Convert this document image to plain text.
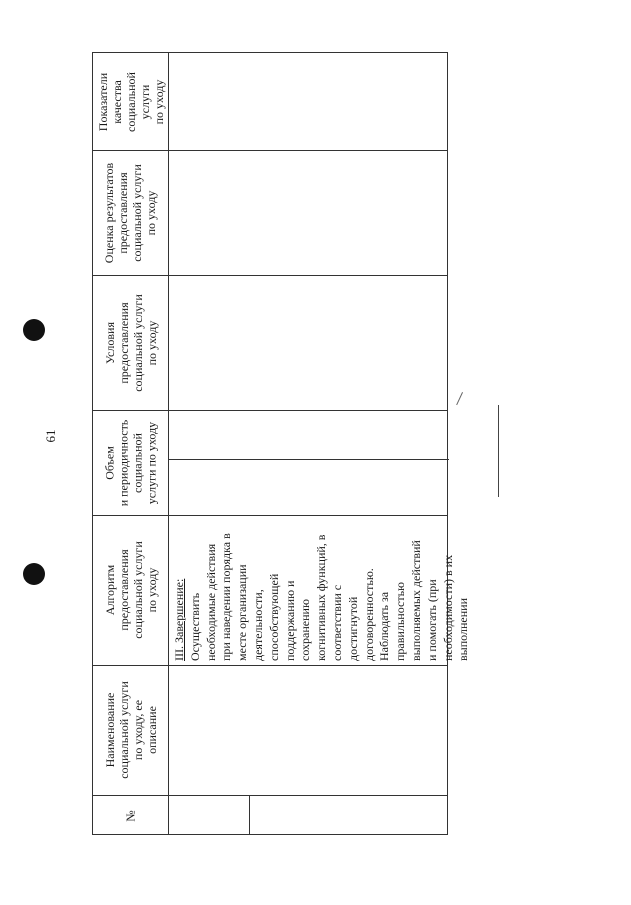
61
Показатели качества социальной услуги по уходу
Оценка результатов предоставления социальной услуги по уходу
Условия предоставления социальной услуги по уходу
Объем и периодичность социальной услуги по уходу
Алгоритм предоставления социальной услуги по уходу
Наименование социальной услуги по уходу, ее описание
№
III. Завершение: Осуществить необходимые действия при наведении порядка в месте организации деятельности, способствующей поддержанию и сохранению когнитивных функций, в соответствии с достигнутой договоренностью. Наблюдать за правильностью выполняемых действий и помогать (при необходимости) в их выполнении
